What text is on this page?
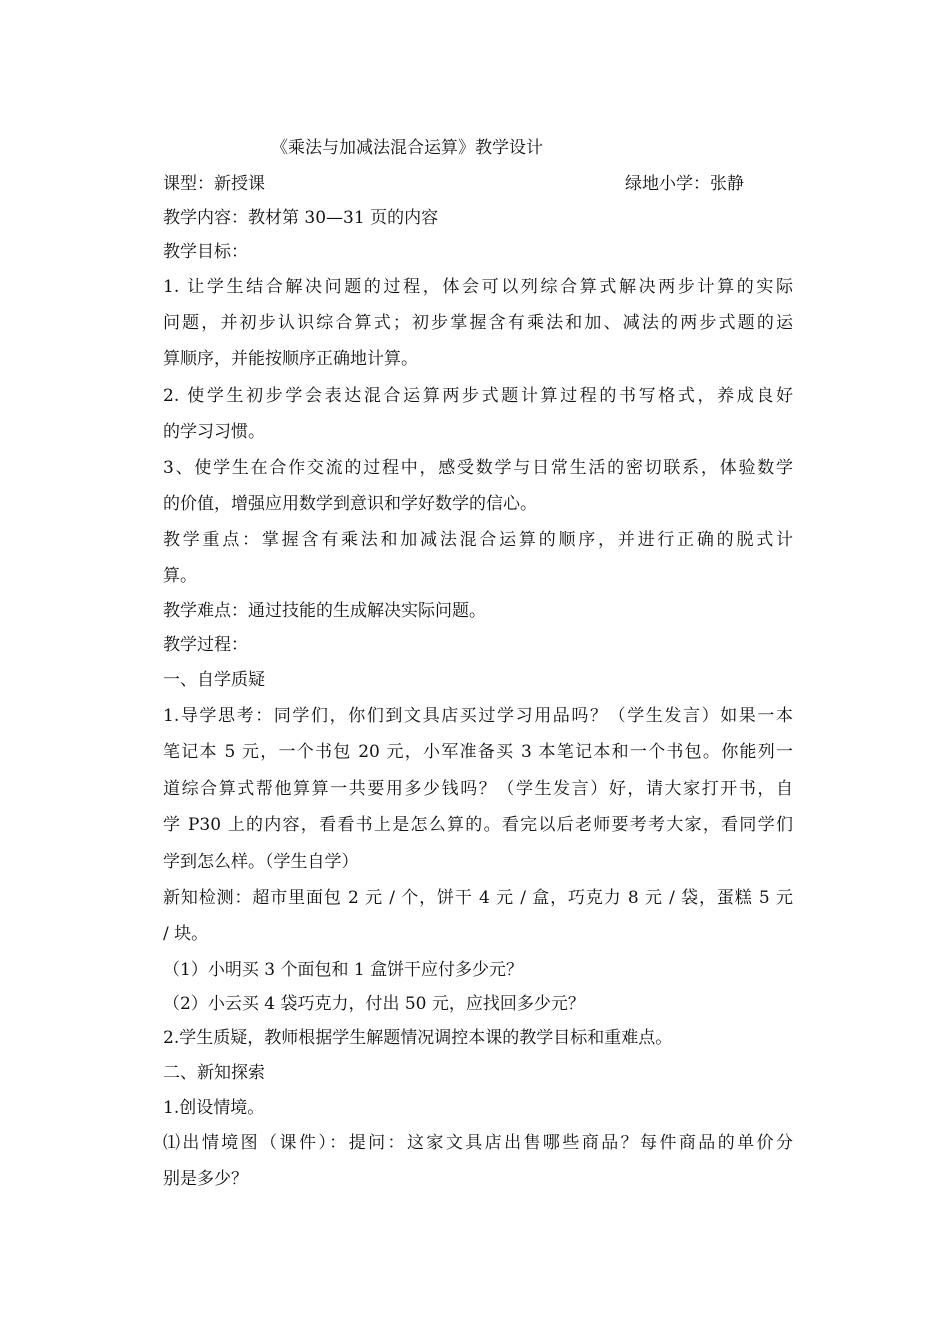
《乘法与加减法混合运算》教学设计
课型：新授课	绿地小学：张静
教学内容：教材第 30—31 页的内容
教学目标：
1. 让学生结合解决问题的过程，体会可以列综合算式解决两步计算的实际
问题，并初步认识综合算式；初步掌握含有乘法和加、减法的两步式题的运
算顺序，并能按顺序正确地计算。
2. 使学生初步学会表达混合运算两步式题计算过程的书写格式，养成良好
的学习习惯。
3、使学生在合作交流的过程中，感受数学与日常生活的密切联系，体验数学
的价值，增强应用数学到意识和学好数学的信心。
教学重点：掌握含有乘法和加减法混合运算的顺序，并进行正确的脱式计
算。
教学难点：通过技能的生成解决实际问题。
教学过程：
一、自学质疑
1.导学思考：同学们，你们到文具店买过学习用品吗？（学生发言）如果一本
笔记本 5 元，一个书包 20 元，小军准备买 3 本笔记本和一个书包。你能列一
道综合算式帮他算算一共要用多少钱吗？（学生发言）好，请大家打开书，自
学 P30 上的内容，看看书上是怎么算的。看完以后老师要考考大家，看同学们
学到怎么样。（学生自学）
新知检测：超市里面包 2 元 / 个，饼干 4 元 / 盒，巧克力 8 元 / 袋，蛋糕 5 元
/ 块。
（1）小明买 3 个面包和 1 盒饼干应付多少元？
（2）小云买 4 袋巧克力，付出 50 元，应找回多少元？
2.学生质疑，教师根据学生解题情况调控本课的教学目标和重难点。
二、新知探索
1.创设情境。
⑴出情境图（课件）：提问：这家文具店出售哪些商品？每件商品的单价分
别是多少？
